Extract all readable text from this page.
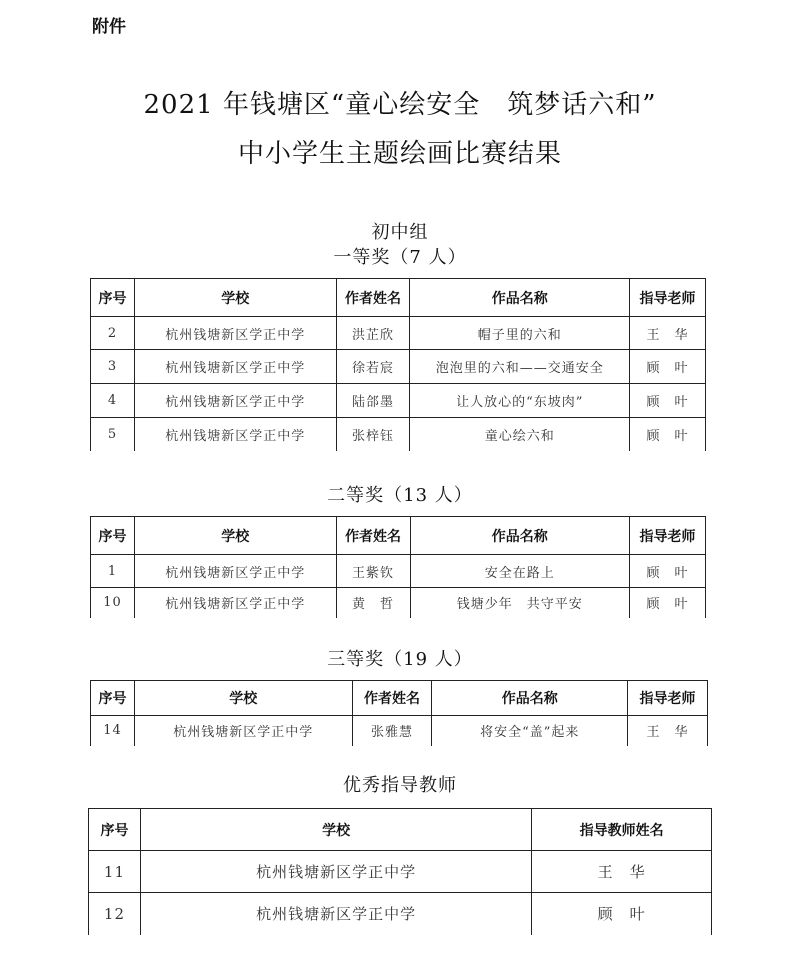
附件
2021 年钱塘区“童心绘安全　筑梦话六和”
中小学生主题绘画比赛结果
初中组
一等奖（7 人）
序号	学校	作者姓名	作品名称	指导老师
2	杭州钱塘新区学正中学	洪芷欣	帽子里的六和	王　华
3	杭州钱塘新区学正中学	徐若宸	泡泡里的六和——交通安全	顾　叶
4	杭州钱塘新区学正中学	陆郃墨	让人放心的“东坡肉”	顾　叶
5	杭州钱塘新区学正中学	张梓钰	童心绘六和	顾　叶
二等奖（13 人）
序号	学校	作者姓名	作品名称	指导老师
1	杭州钱塘新区学正中学	王紫钦	安全在路上	顾　叶
10	杭州钱塘新区学正中学	黄　哲	钱塘少年　共守平安	顾　叶
三等奖（19 人）
序号	学校	作者姓名	作品名称	指导老师
14	杭州钱塘新区学正中学	张雅慧	将安全“盖”起来	王　华
优秀指导教师
序号	学校	指导教师姓名
11	杭州钱塘新区学正中学	王　华
12	杭州钱塘新区学正中学	顾　叶
